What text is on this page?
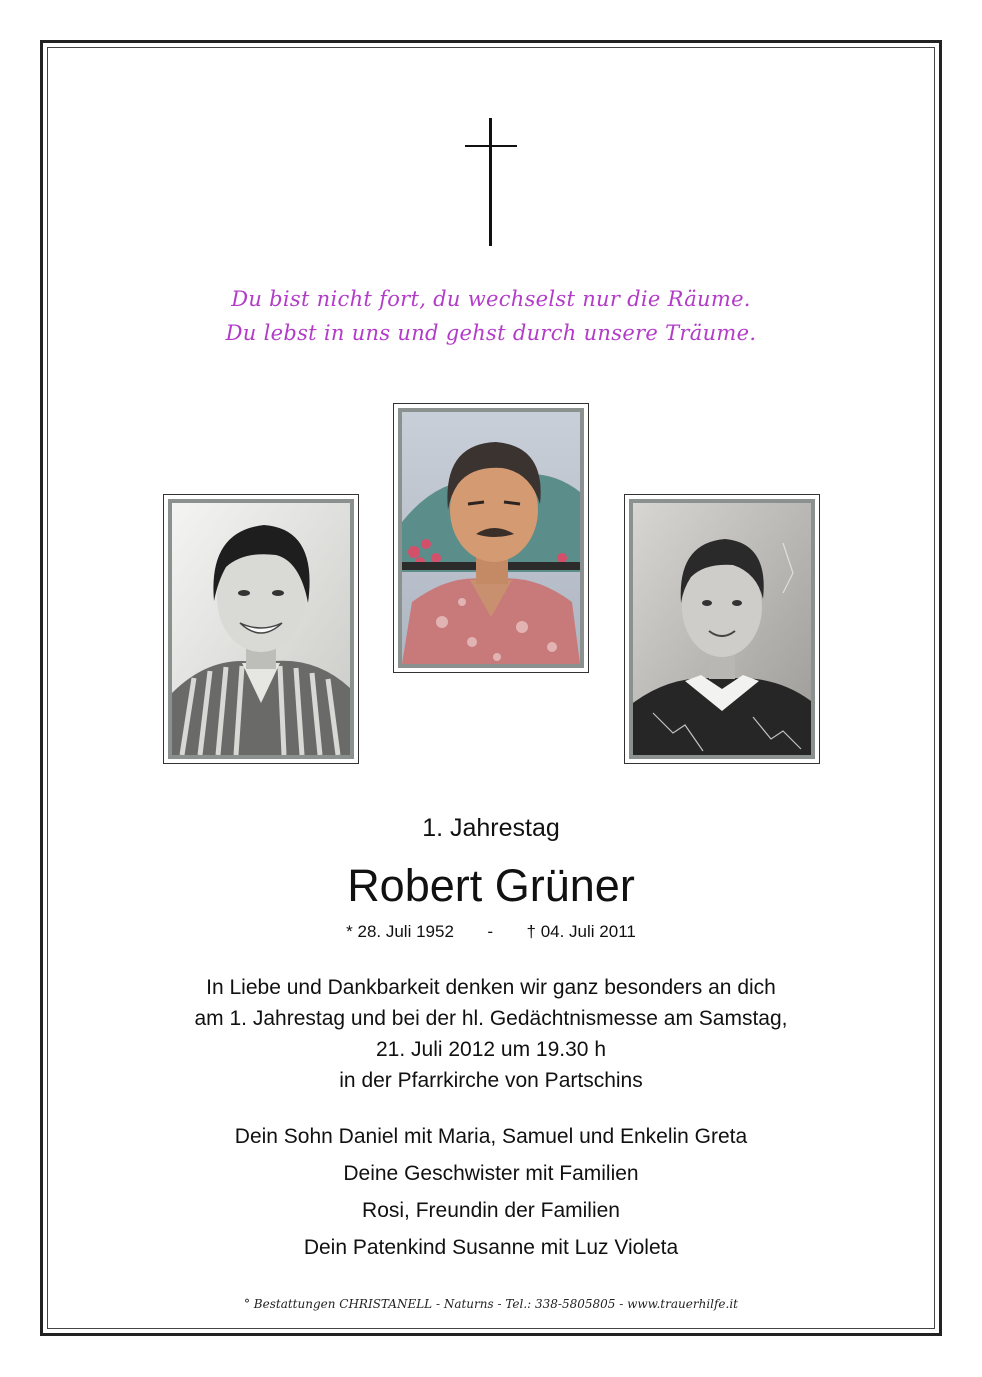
Du bist nicht fort, du wechselst nur die Räume.
Du lebst in uns und gehst durch unsere Träume.
1. Jahrestag
Robert Grüner
* 28. Juli 1952 - † 04. Juli 2011
In Liebe und Dankbarkeit denken wir ganz besonders an dich
am 1. Jahrestag und bei der hl. Gedächtnismesse am Samstag,
21. Juli 2012 um 19.30 h
in der Pfarrkirche von Partschins
Dein Sohn Daniel mit Maria, Samuel und Enkelin Greta
Deine Geschwister mit Familien
Rosi, Freundin der Familien
Dein Patenkind Susanne mit Luz Violeta
° Bestattungen CHRISTANELL - Naturns - Tel.: 338-5805805 - www.trauerhilfe.it
